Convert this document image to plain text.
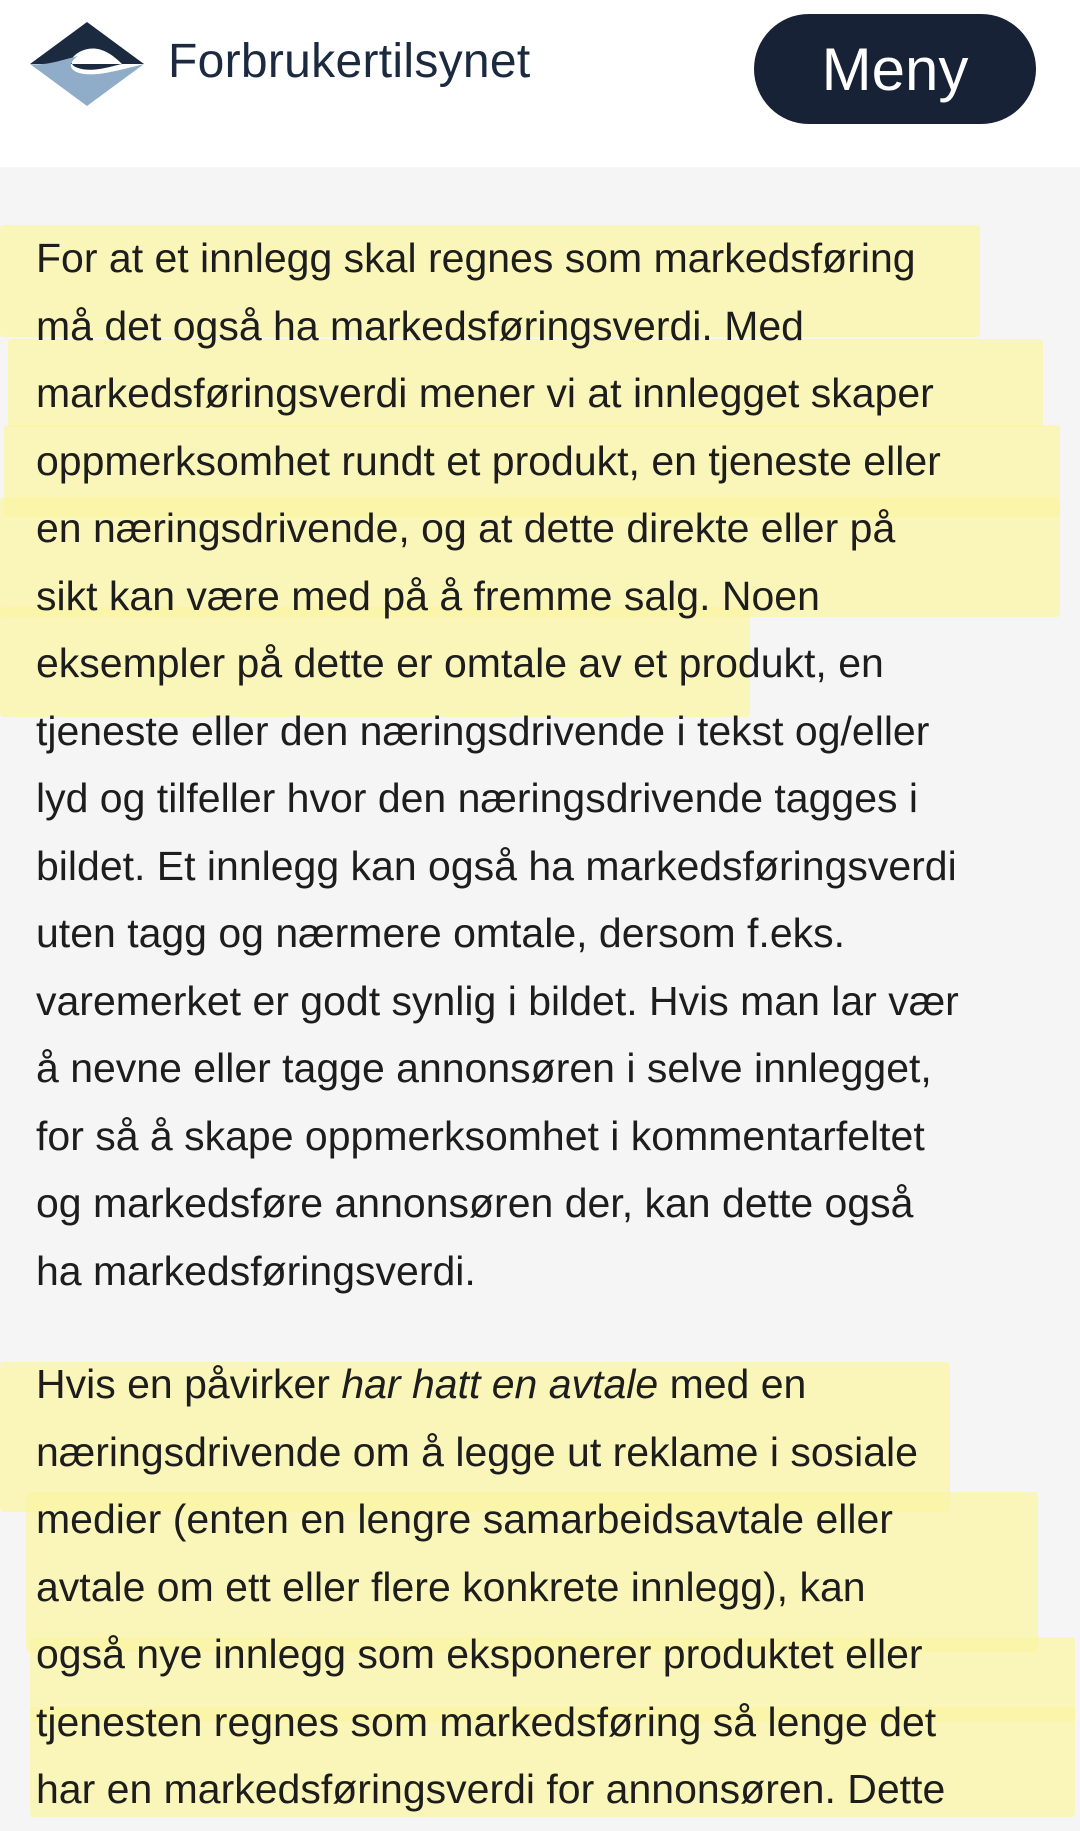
Forbrukertilsynet	Meny

For at et innlegg skal regnes som markedsføring
må det også ha markedsføringsverdi. Med
markedsføringsverdi mener vi at innlegget skaper
oppmerksomhet rundt et produkt, en tjeneste eller
en næringsdrivende, og at dette direkte eller på
sikt kan være med på å fremme salg. Noen
eksempler på dette er omtale av et produkt, en
tjeneste eller den næringsdrivende i tekst og/eller
lyd og tilfeller hvor den næringsdrivende tagges i
bildet. Et innlegg kan også ha markedsføringsverdi
uten tagg og nærmere omtale, dersom f.eks.
varemerket er godt synlig i bildet. Hvis man lar vær
å nevne eller tagge annonsøren i selve innlegget,
for så å skape oppmerksomhet i kommentarfeltet
og markedsføre annonsøren der, kan dette også
ha markedsføringsverdi.

Hvis en påvirker har hatt en avtale med en
næringsdrivende om å legge ut reklame i sosiale
medier (enten en lengre samarbeidsavtale eller
avtale om ett eller flere konkrete innlegg), kan
også nye innlegg som eksponerer produktet eller
tjenesten regnes som markedsføring så lenge det
har en markedsføringsverdi for annonsøren. Dette
